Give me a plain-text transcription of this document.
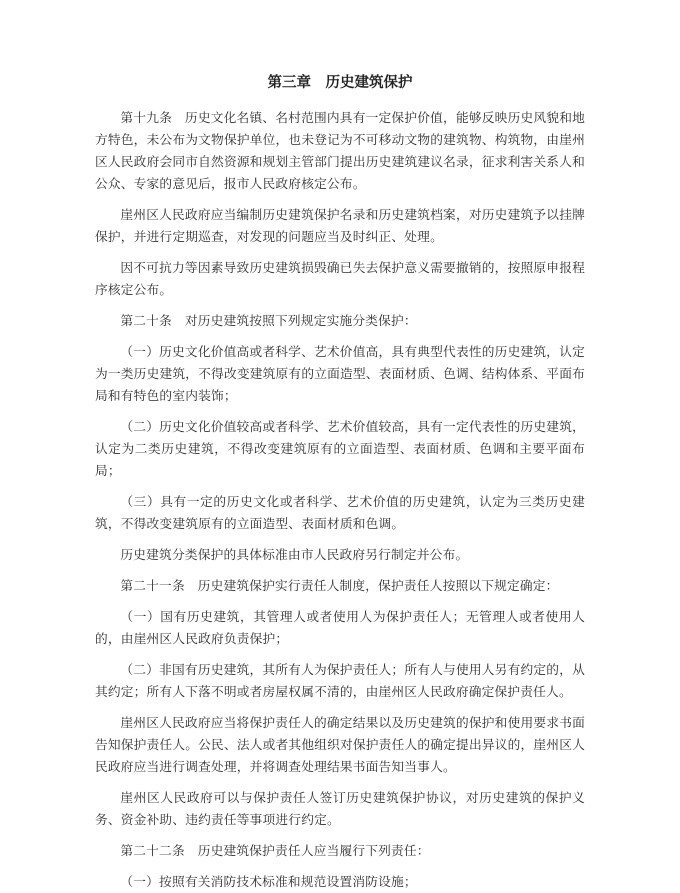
第三章　历史建筑保护

第十九条　历史文化名镇、名村范围内具有一定保护价值，能够反映历史风貌和地方特色，未公布为文物保护单位，也未登记为不可移动文物的建筑物、构筑物，由崖州区人民政府会同市自然资源和规划主管部门提出历史建筑建议名录，征求利害关系人和公众、专家的意见后，报市人民政府核定公布。

崖州区人民政府应当编制历史建筑保护名录和历史建筑档案，对历史建筑予以挂牌保护，并进行定期巡查，对发现的问题应当及时纠正、处理。

因不可抗力等因素导致历史建筑损毁确已失去保护意义需要撤销的，按照原申报程序核定公布。

第二十条　对历史建筑按照下列规定实施分类保护：

（一）历史文化价值高或者科学、艺术价值高，具有典型代表性的历史建筑，认定为一类历史建筑，不得改变建筑原有的立面造型、表面材质、色调、结构体系、平面布局和有特色的室内装饰；

（二）历史文化价值较高或者科学、艺术价值较高，具有一定代表性的历史建筑，认定为二类历史建筑，不得改变建筑原有的立面造型、表面材质、色调和主要平面布局；

（三）具有一定的历史文化或者科学、艺术价值的历史建筑，认定为三类历史建筑，不得改变建筑原有的立面造型、表面材质和色调。

历史建筑分类保护的具体标准由市人民政府另行制定并公布。

第二十一条　历史建筑保护实行责任人制度，保护责任人按照以下规定确定：

（一）国有历史建筑，其管理人或者使用人为保护责任人；无管理人或者使用人的，由崖州区人民政府负责保护；

（二）非国有历史建筑，其所有人为保护责任人；所有人与使用人另有约定的，从其约定；所有人下落不明或者房屋权属不清的，由崖州区人民政府确定保护责任人。

崖州区人民政府应当将保护责任人的确定结果以及历史建筑的保护和使用要求书面告知保护责任人。公民、法人或者其他组织对保护责任人的确定提出异议的，崖州区人民政府应当进行调查处理，并将调查处理结果书面告知当事人。

崖州区人民政府可以与保护责任人签订历史建筑保护协议，对历史建筑的保护义务、资金补助、违约责任等事项进行约定。

第二十二条　历史建筑保护责任人应当履行下列责任：

（一）按照有关消防技术标准和规范设置消防设施；
